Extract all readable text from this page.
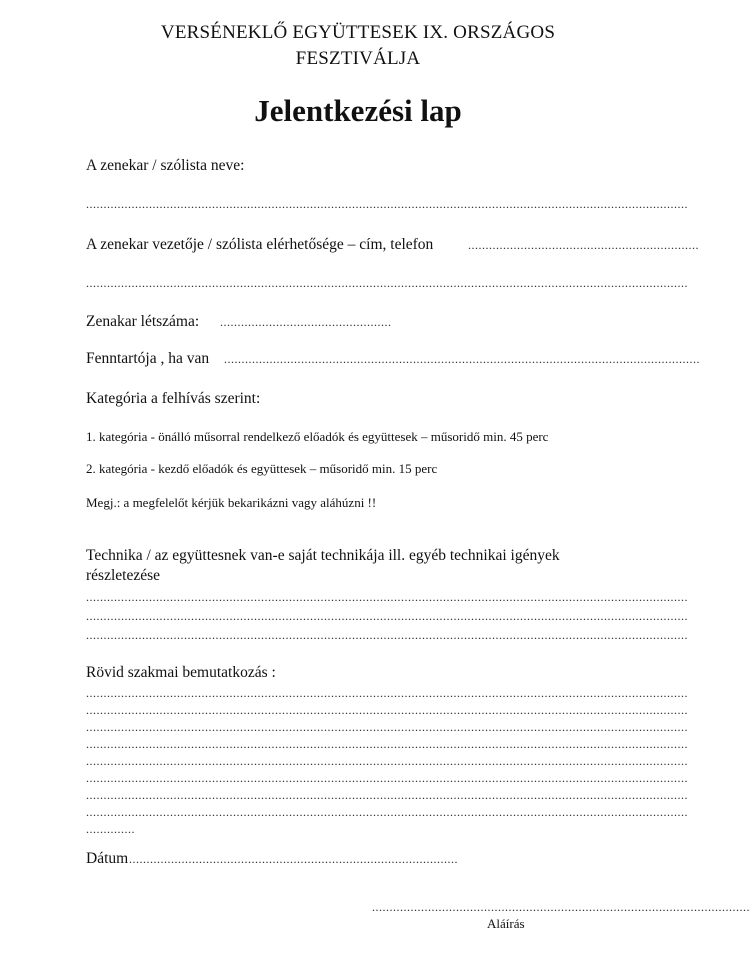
VERSÉNEKLŐ EGYÜTTESEK IX. ORSZÁGOS
FESZTIVÁLJA
Jelentkezési lap
A zenekar / szólista neve:
............................................................................................................................................................................
A zenekar vezetője / szólista elérhetősége – cím, telefon	..................................................................
............................................................................................................................................................................
Zenakar létszáma: .................................................
Fenntartója , ha van ........................................................................................................................................
Kategória a felhívás szerint:
1. kategória - önálló műsorral rendelkező előadók és együttesek – műsoridő min. 45 perc
2. kategória - kezdő előadók és együttesek – műsoridő min. 15 perc
Megj.: a megfelelőt kérjük bekarikázni vagy aláhúzni !!
Technika / az együttesnek van-e saját technikája ill. egyéb technikai igények
részletezése
............................................................................................................................................................................
............................................................................................................................................................................
............................................................................................................................................................................
Rövid szakmai bemutatkozás :
............................................................................................................................................................................
............................................................................................................................................................................
............................................................................................................................................................................
............................................................................................................................................................................
............................................................................................................................................................................
............................................................................................................................................................................
............................................................................................................................................................................
............................................................................................................................................................................
..............
Dátum ..............................................................................................
............................................................................................................
Aláírás
